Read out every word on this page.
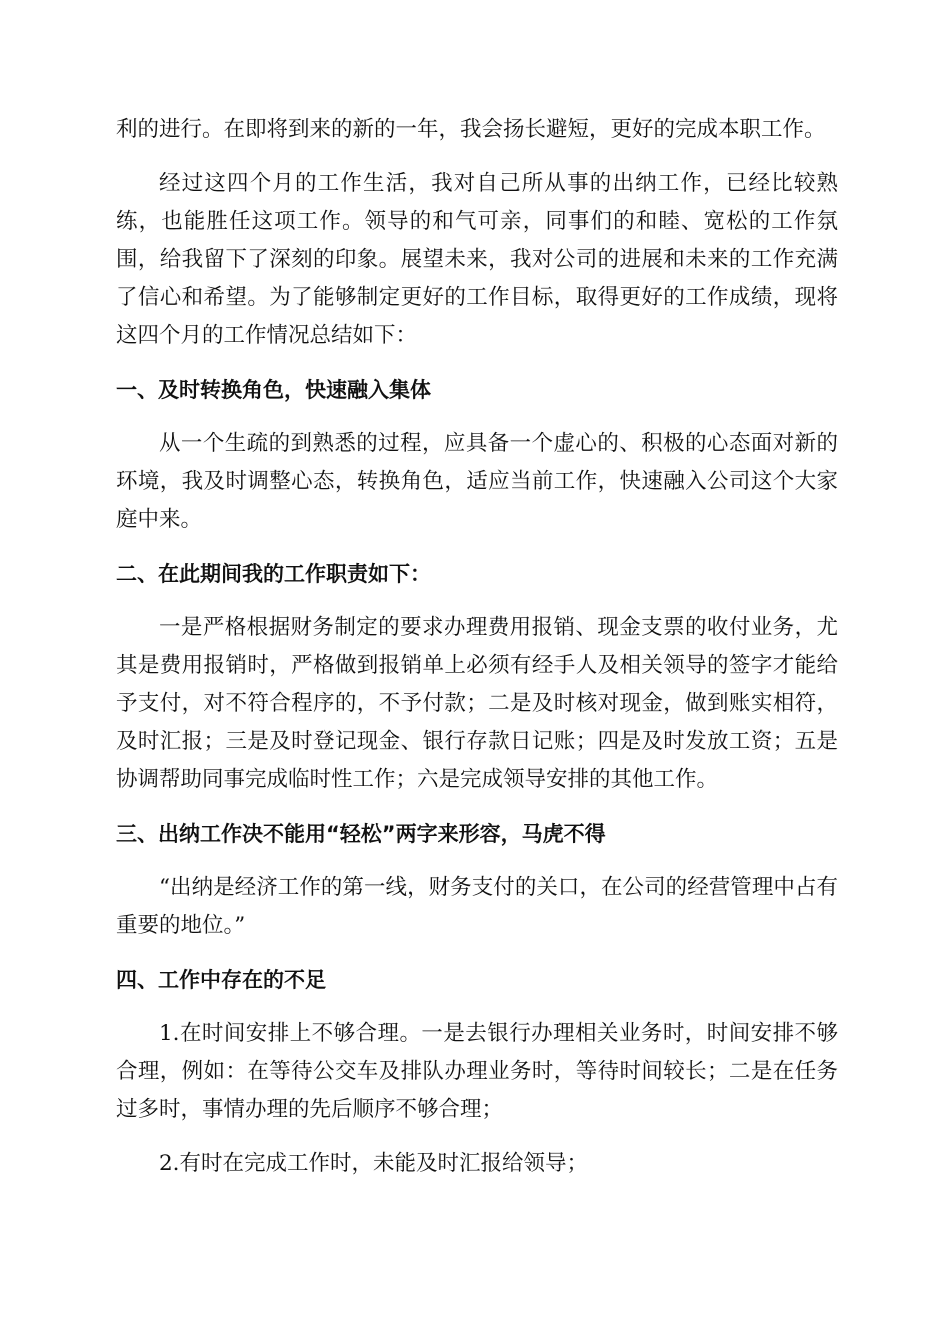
利的进行。在即将到来的新的一年，我会扬长避短，更好的完成本职工作。

经过这四个月的工作生活，我对自己所从事的出纳工作，已经比较熟练，也能胜任这项工作。领导的和气可亲，同事们的和睦、宽松的工作氛围，给我留下了深刻的印象。展望未来，我对公司的进展和未来的工作充满了信心和希望。为了能够制定更好的工作目标，取得更好的工作成绩，现将这四个月的工作情况总结如下：

一、及时转换角色，快速融入集体

从一个生疏的到熟悉的过程，应具备一个虚心的、积极的心态面对新的环境，我及时调整心态，转换角色，适应当前工作，快速融入公司这个大家庭中来。

二、在此期间我的工作职责如下：

一是严格根据财务制定的要求办理费用报销、现金支票的收付业务，尤其是费用报销时，严格做到报销单上必须有经手人及相关领导的签字才能给予支付，对不符合程序的，不予付款；二是及时核对现金，做到账实相符，及时汇报；三是及时登记现金、银行存款日记账；四是及时发放工资；五是协调帮助同事完成临时性工作；六是完成领导安排的其他工作。

三、出纳工作决不能用“轻松”两字来形容，马虎不得

“出纳是经济工作的第一线，财务支付的关口，在公司的经营管理中占有重要的地位。”

四、工作中存在的不足

1.在时间安排上不够合理。一是去银行办理相关业务时，时间安排不够合理，例如：在等待公交车及排队办理业务时，等待时间较长；二是在任务过多时，事情办理的先后顺序不够合理；

2.有时在完成工作时，未能及时汇报给领导；
